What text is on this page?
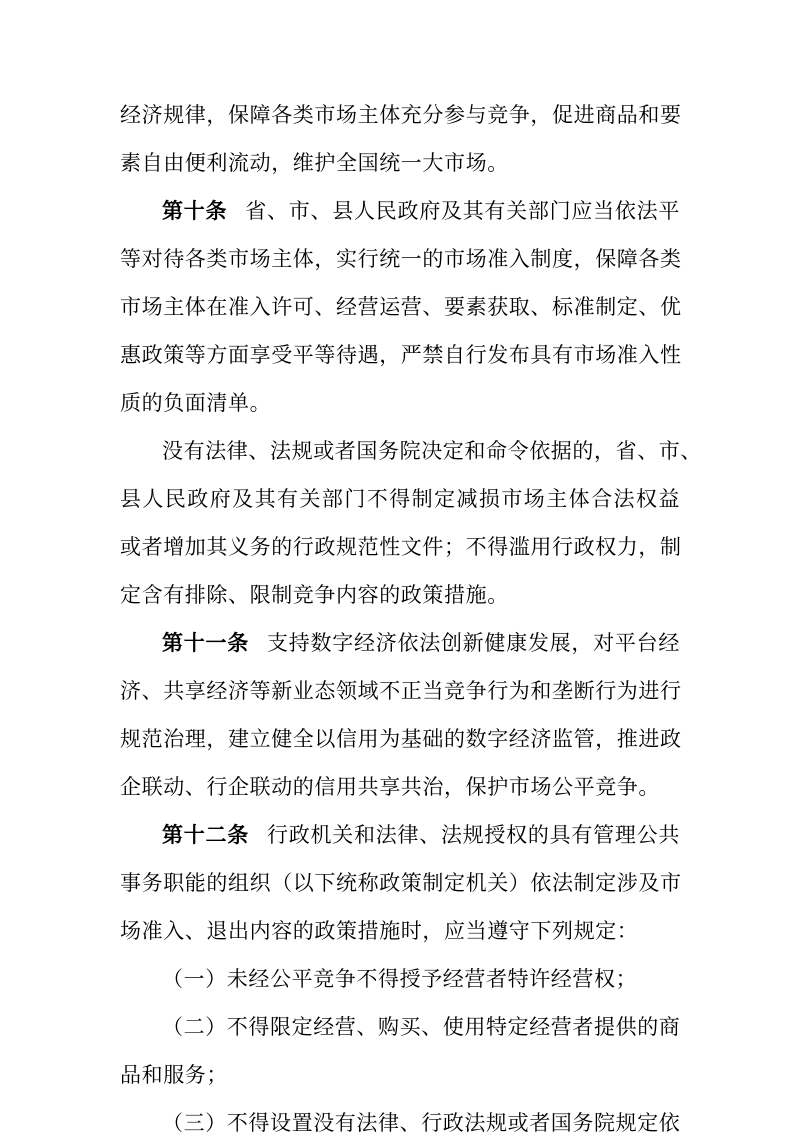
经济规律，保障各类市场主体充分参与竞争，促进商品和要
素自由便利流动，维护全国统一大市场。
第十条 省、市、县人民政府及其有关部门应当依法平
等对待各类市场主体，实行统一的市场准入制度，保障各类
市场主体在准入许可、经营运营、要素获取、标准制定、优
惠政策等方面享受平等待遇，严禁自行发布具有市场准入性
质的负面清单。
没有法律、法规或者国务院决定和命令依据的，省、市、
县人民政府及其有关部门不得制定减损市场主体合法权益
或者增加其义务的行政规范性文件；不得滥用行政权力，制
定含有排除、限制竞争内容的政策措施。
第十一条 支持数字经济依法创新健康发展，对平台经
济、共享经济等新业态领域不正当竞争行为和垄断行为进行
规范治理，建立健全以信用为基础的数字经济监管，推进政
企联动、行企联动的信用共享共治，保护市场公平竞争。
第十二条 行政机关和法律、法规授权的具有管理公共
事务职能的组织（以下统称政策制定机关）依法制定涉及市
场准入、退出内容的政策措施时，应当遵守下列规定：
（一）未经公平竞争不得授予经营者特许经营权；
（二）不得限定经营、购买、使用特定经营者提供的商
品和服务；
（三）不得设置没有法律、行政法规或者国务院规定依
